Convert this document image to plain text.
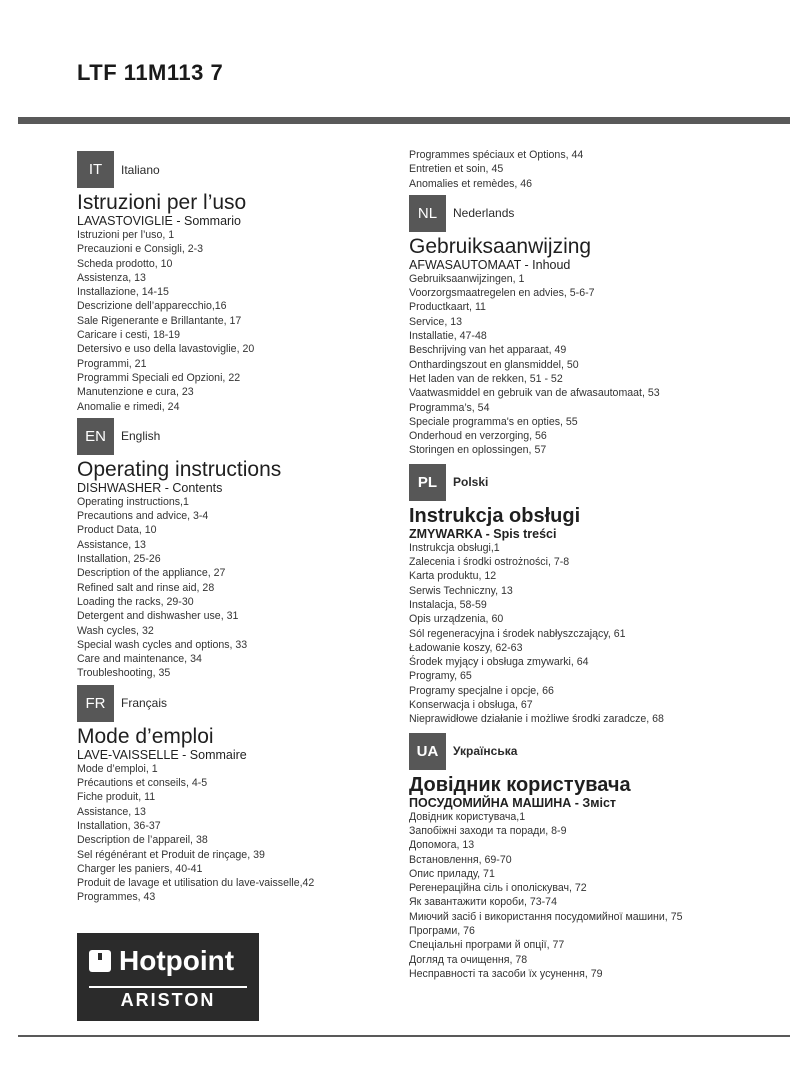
LTF 11M113 7
IT	Italiano
Istruzioni per l’uso
LAVASTOVIGLIE - Sommario
Istruzioni per l’uso, 1
Precauzioni e Consigli, 2-3
Scheda prodotto, 10
Assistenza, 13
Installazione, 14-15
Descrizione dell’apparecchio,16
Sale Rigenerante e Brillantante, 17
Caricare i cesti, 18-19
Detersivo e uso della lavastoviglie, 20
Programmi, 21
Programmi Speciali ed Opzioni, 22
Manutenzione e cura, 23
Anomalie e rimedi, 24
EN	English
Operating instructions
DISHWASHER - Contents
Operating instructions,1
Precautions and advice, 3-4
Product Data, 10
Assistance, 13
Installation, 25-26
Description of the appliance, 27
Refined salt and rinse aid, 28
Loading the racks, 29-30
Detergent and dishwasher use, 31
Wash cycles, 32
Special wash cycles and options, 33
Care and maintenance, 34
Troubleshooting, 35
FR	Français
Mode d’emploi
LAVE-VAISSELLE - Sommaire
Mode d’emploi, 1
Précautions et conseils, 4-5
Fiche produit, 11
Assistance, 13
Installation, 36-37
Description de l’appareil, 38
Sel régénérant et Produit de rinçage, 39
Charger les paniers, 40-41
Produit de lavage et utilisation du lave-vaisselle,42
Programmes, 43
Programmes spéciaux et Options, 44
Entretien et soin, 45
Anomalies et remèdes, 46
NL	Nederlands
Gebruiksaanwijzing
AFWASAUTOMAAT - Inhoud
Gebruiksaanwijzingen, 1
Voorzorgsmaatregelen en advies, 5-6-7
Productkaart, 11
Service, 13
Installatie, 47-48
Beschrijving van het apparaat, 49
Onthardingszout en glansmiddel, 50
Het laden van de rekken, 51 - 52
Vaatwasmiddel en gebruik van de afwasautomaat, 53
Programma’s, 54
Speciale programma's en opties, 55
Onderhoud en verzorging, 56
Storingen en oplossingen, 57
PL	Polski
Instrukcja obsługi
ZMYWARKA - Spis treści
Instrukcja obsługi,1
Zalecenia i środki ostrożności, 7-8
Karta produktu, 12
Serwis Techniczny, 13
Instalacja, 58-59
Opis urządzenia, 60
Sól regeneracyjna i środek nabłyszczający, 61
Ładowanie koszy, 62-63
Środek myjący i obsługa zmywarki, 64
Programy, 65
Programy specjalne i opcje, 66
Konserwacja i obsługa, 67
Nieprawidłowe działanie i możliwe środki zaradcze, 68
UA	Українська
Довідник користувача
ПОСУДОМИЙНА МАШИНА - Зміст
Довідник користувача,1
Запобіжні заходи та поради, 8-9
Допомога, 13
Встановлення, 69-70
Опис приладу, 71
Регенераційна сіль і ополіскувач, 72
Як завантажити короби, 73-74
Миючий засіб і використання посудомийної машини, 75
Програми, 76
Спеціальні програми й опції, 77
Догляд та очищення, 78
Несправності та засоби їх усунення, 79
Hotpoint
ARISTON
